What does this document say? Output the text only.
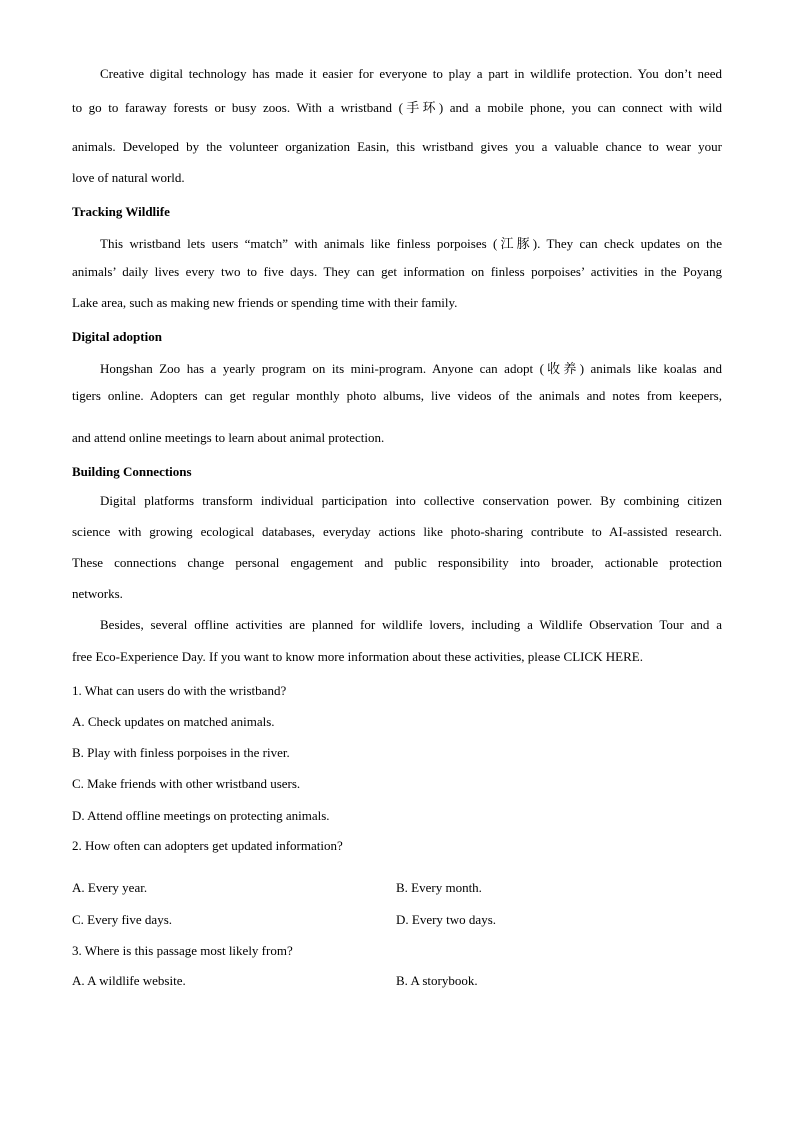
Creative digital technology has made it easier for everyone to play a part in wildlife protection. You don’t need
to go to faraway forests or busy zoos. With a wristband (手环) and a mobile phone, you can connect with wild
animals. Developed by the volunteer organization Easin, this wristband gives you a valuable chance to wear your
love of natural world.
Tracking Wildlife
This wristband lets users “match” with animals like finless porpoises (江豚). They can check updates on the
animals’ daily lives every two to five days. They can get information on finless porpoises’ activities in the Poyang
Lake area, such as making new friends or spending time with their family.
Digital adoption
Hongshan Zoo has a yearly program on its mini-program. Anyone can adopt (收养) animals like koalas and
tigers online. Adopters can get regular monthly photo albums, live videos of the animals and notes from keepers,
and attend online meetings to learn about animal protection.
Building Connections
Digital platforms transform individual participation into collective conservation power. By combining citizen
science with growing ecological databases, everyday actions like photo-sharing contribute to AI-assisted research.
These connections change personal engagement and public responsibility into broader, actionable protection
networks.
Besides, several offline activities are planned for wildlife lovers, including a Wildlife Observation Tour and a
free Eco-Experience Day. If you want to know more information about these activities, please CLICK HERE.
1. What can users do with the wristband?
A. Check updates on matched animals.
B. Play with finless porpoises in the river.
C. Make friends with other wristband users.
D. Attend offline meetings on protecting animals.
2. How often can adopters get updated information?
A. Every year.	B. Every month.
C. Every five days.	D. Every two days.
3. Where is this passage most likely from?
A. A wildlife website.	B. A storybook.
